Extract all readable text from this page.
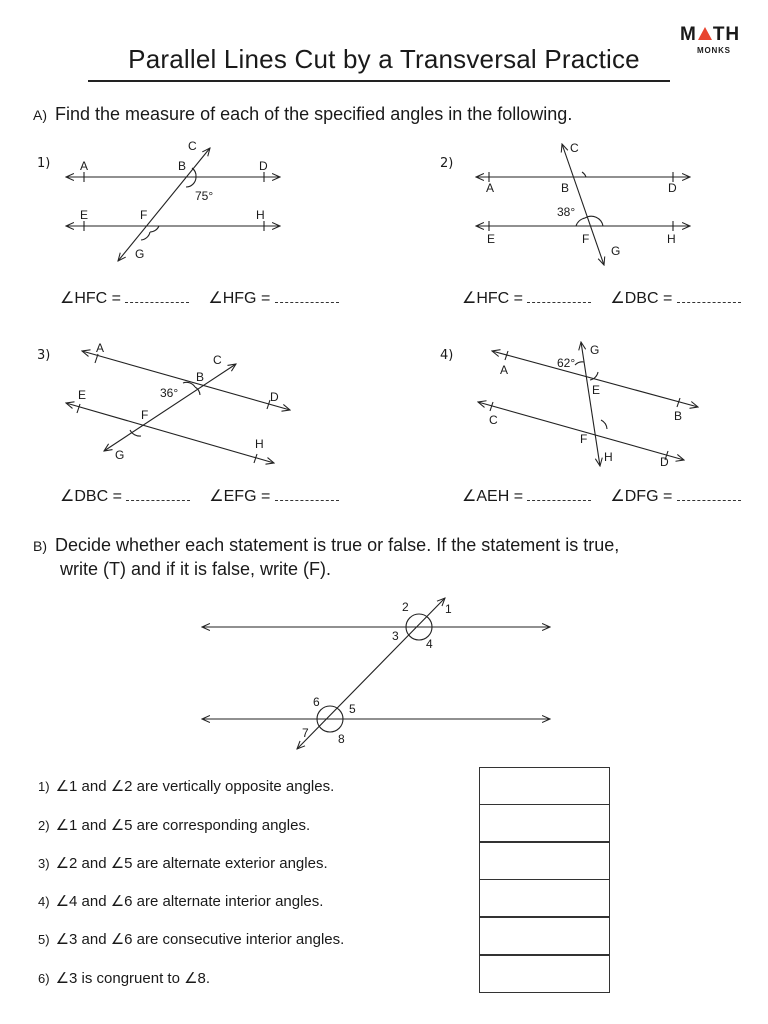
Parallel Lines Cut by a Transversal Practice
M TH
MONKS
A) Find the measure of each of the specified angles in the following.
1)	2)
3)	4)
A	B
C
D
E	F
G
H
75°
A	B
C
D
E	F
G
H
38°
A
B
C
D
E
F
G
H
36°
A
B
C
D
E
F
G
H
62°
1
2
3
4
5
6
7 8
∠HFC =	∠HFG =	∠HFC =	∠DBC =
∠DBC =	∠EFG =	∠AEH =	∠DFG =
B) Decide whether each statement is true or false. If the statement is true,
write (T) and if it is false, write (F).
1) ∠1 and ∠2 are vertically opposite angles.
2) ∠1 and ∠5 are corresponding angles.
3) ∠2 and ∠5 are alternate exterior angles.
4) ∠4 and ∠6 are alternate interior angles.
5) ∠3 and ∠6 are consecutive interior angles.
6) ∠3 is congruent to ∠8.
